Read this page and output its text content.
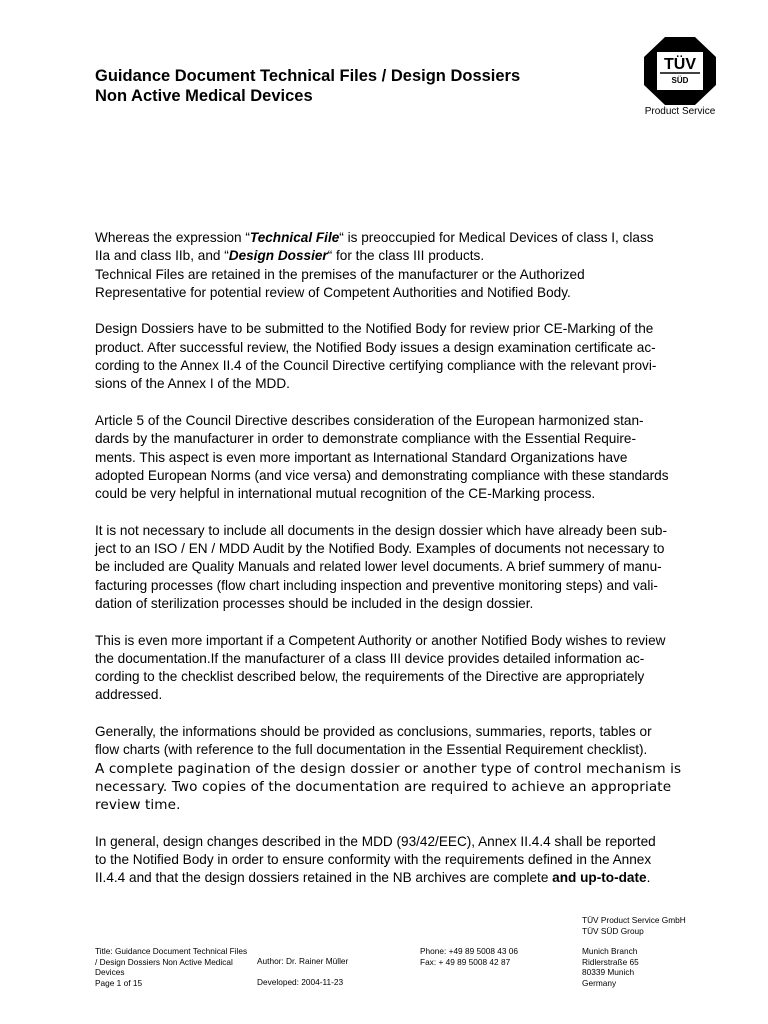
Guidance Document Technical Files / Design Dossiers
Non Active Medical Devices
TÜV
SÜD
Product Service
Whereas the expression “Technical File“ is preoccupied for Medical Devices of class I, class
IIa and class IIb, and “Design Dossier“ for the class III products.
Technical Files are retained in the premises of the manufacturer or the Authorized
Representative for potential review of Competent Authorities and Notified Body.
Design Dossiers have to be submitted to the Notified Body for review prior CE-Marking of the
product. After successful review, the Notified Body issues a design examination certificate ac-
cording to the Annex II.4 of the Council Directive certifying compliance with the relevant provi-
sions of the Annex I of the MDD.
Article 5 of the Council Directive describes consideration of the European harmonized stan-
dards by the manufacturer in order to demonstrate compliance with the Essential Require-
ments. This aspect is even more important as International Standard Organizations have
adopted European Norms (and vice versa) and demonstrating compliance with these standards
could be very helpful in international mutual recognition of the CE-Marking process.
It is not necessary to include all documents in the design dossier which have already been sub-
ject to an ISO / EN / MDD Audit by the Notified Body. Examples of documents not necessary to
be included are Quality Manuals and related lower level documents. A brief summery of manu-
facturing processes (flow chart including inspection and preventive monitoring steps) and vali-
dation of sterilization processes should be included in the design dossier.
This is even more important if a Competent Authority or another Notified Body wishes to review
the documentation.If the manufacturer of a class III device provides detailed information ac-
cording to the checklist described below, the requirements of the Directive are appropriately
addressed.
Generally, the informations should be provided as conclusions, summaries, reports, tables or
flow charts (with reference to the full documentation in the Essential Requirement checklist).
A complete pagination of the design dossier or another type of control mechanism is
necessary. Two copies of the documentation are required to achieve an appropriate
review time.
In general, design changes described in the MDD (93/42/EEC), Annex II.4.4 shall be reported
to the Notified Body in order to ensure conformity with the requirements defined in the Annex
II.4.4 and that the design dossiers retained in the NB archives are complete and up-to-date.
TÜV Product Service GmbH
TÜV SÜD Group
Title: Guidance Document Technical Files
/ Design Dossiers Non Active Medical
Devices
Page 1 of 15
Author: Dr. Rainer Müller
Developed: 2004-11-23
Phone: +49 89 5008 43 06
Fax: + 49 89 5008 42 87
Munich Branch
Ridlerstraße 65
80339 Munich
Germany
